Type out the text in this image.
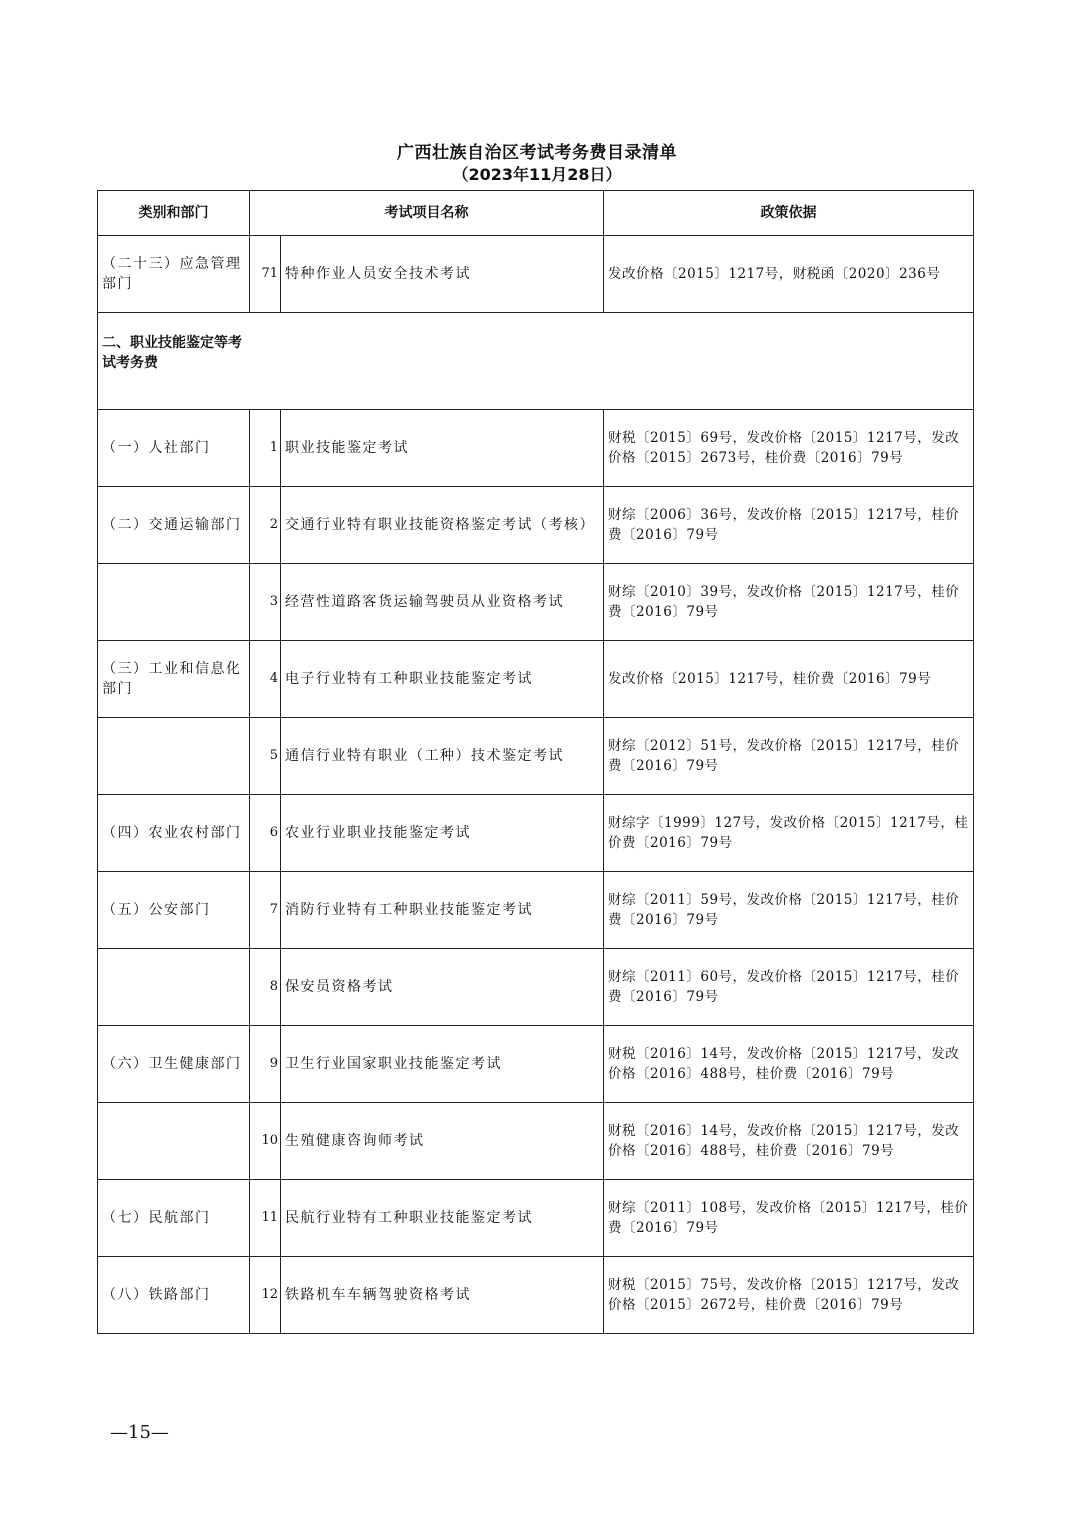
广西壮族自治区考试考务费目录清单
（2023年11月28日）
类别和部门	考试项目名称		政策依据
（二十三）应急管理部门	71	特种作业人员安全技术考试	发改价格〔2015〕1217号，财税函〔2020〕236号

二、职业技能鉴定等考试考务费			

（一）人社部门	1	职业技能鉴定考试	财税〔2015〕69号，发改价格〔2015〕1217号，发改价格〔2015〕2673号，桂价费〔2016〕79号
（二）交通运输部门	2	交通行业特有职业技能资格鉴定考试（考核）	财综〔2006〕36号，发改价格〔2015〕1217号，桂价费〔2016〕79号
	3	经营性道路客货运输驾驶员从业资格考试	财综〔2010〕39号，发改价格〔2015〕1217号，桂价费〔2016〕79号
（三）工业和信息化部门	4	电子行业特有工种职业技能鉴定考试	发改价格〔2015〕1217号，桂价费〔2016〕79号
	5	通信行业特有职业（工种）技术鉴定考试	财综〔2012〕51号，发改价格〔2015〕1217号，桂价费〔2016〕79号
（四）农业农村部门	6	农业行业职业技能鉴定考试	财综字〔1999〕127号，发改价格〔2015〕1217号，桂价费〔2016〕79号
（五）公安部门	7	消防行业特有工种职业技能鉴定考试	财综〔2011〕59号，发改价格〔2015〕1217号，桂价费〔2016〕79号
	8	保安员资格考试	财综〔2011〕60号，发改价格〔2015〕1217号，桂价费〔2016〕79号
（六）卫生健康部门	9	卫生行业国家职业技能鉴定考试	财税〔2016〕14号，发改价格〔2015〕1217号，发改价格〔2016〕488号，桂价费〔2016〕79号
	10	生殖健康咨询师考试	财税〔2016〕14号，发改价格〔2015〕1217号，发改价格〔2016〕488号，桂价费〔2016〕79号
（七）民航部门	11	民航行业特有工种职业技能鉴定考试	财综〔2011〕108号，发改价格〔2015〕1217号，桂价费〔2016〕79号
（八）铁路部门	12	铁路机车车辆驾驶资格考试	财税〔2015〕75号，发改价格〔2015〕1217号，发改价格〔2015〕2672号，桂价费〔2016〕79号
—15—
